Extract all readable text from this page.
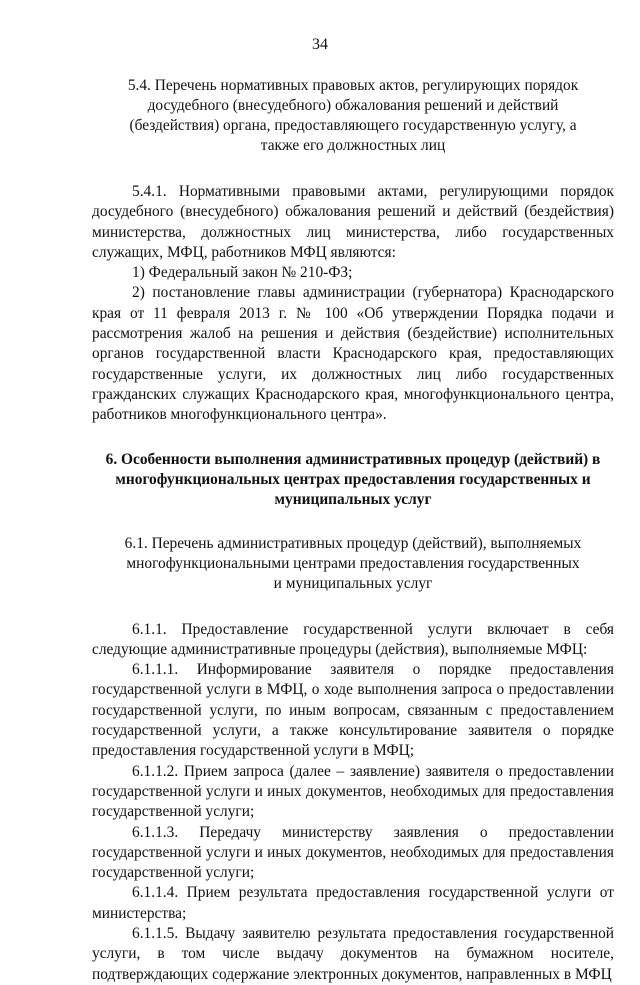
34

5.4. Перечень нормативных правовых актов, регулирующих порядок досудебного (внесудебного) обжалования решений и действий (бездействия) органа, предоставляющего государственную услугу, а также его должностных лиц

5.4.1. Нормативными правовыми актами, регулирующими порядок досудебного (внесудебного) обжалования решений и действий (бездействия) министерства, должностных лиц министерства, либо государственных служащих, МФЦ, работников МФЦ являются:

1) Федеральный закон № 210-ФЗ;

2) постановление главы администрации (губернатора) Краснодарского края от 11 февраля 2013 г. № 100 «Об утверждении Порядка подачи и рассмотрения жалоб на решения и действия (бездействие) исполнительных органов государственной власти Краснодарского края, предоставляющих государственные услуги, их должностных лиц либо государственных гражданских служащих Краснодарского края, многофункционального центра, работников многофункционального центра».

6. Особенности выполнения административных процедур (действий) в многофункциональных центрах предоставления государственных и муниципальных услуг

6.1. Перечень административных процедур (действий), выполняемых многофункциональными центрами предоставления государственных и муниципальных услуг

6.1.1. Предоставление государственной услуги включает в себя следующие административные процедуры (действия), выполняемые МФЦ:

6.1.1.1. Информирование заявителя о порядке предоставления государственной услуги в МФЦ, о ходе выполнения запроса о предоставлении государственной услуги, по иным вопросам, связанным с предоставлением государственной услуги, а также консультирование заявителя о порядке предоставления государственной услуги в МФЦ;

6.1.1.2. Прием запроса (далее – заявление) заявителя о предоставлении государственной услуги и иных документов, необходимых для предоставления государственной услуги;

6.1.1.3. Передачу министерству заявления о предоставлении государственной услуги и иных документов, необходимых для предоставления государственной услуги;

6.1.1.4. Прием результата предоставления государственной услуги от министерства;

6.1.1.5. Выдачу заявителю результата предоставления государственной услуги, в том числе выдачу документов на бумажном носителе, подтверждающих содержание электронных документов, направленных в МФЦ
